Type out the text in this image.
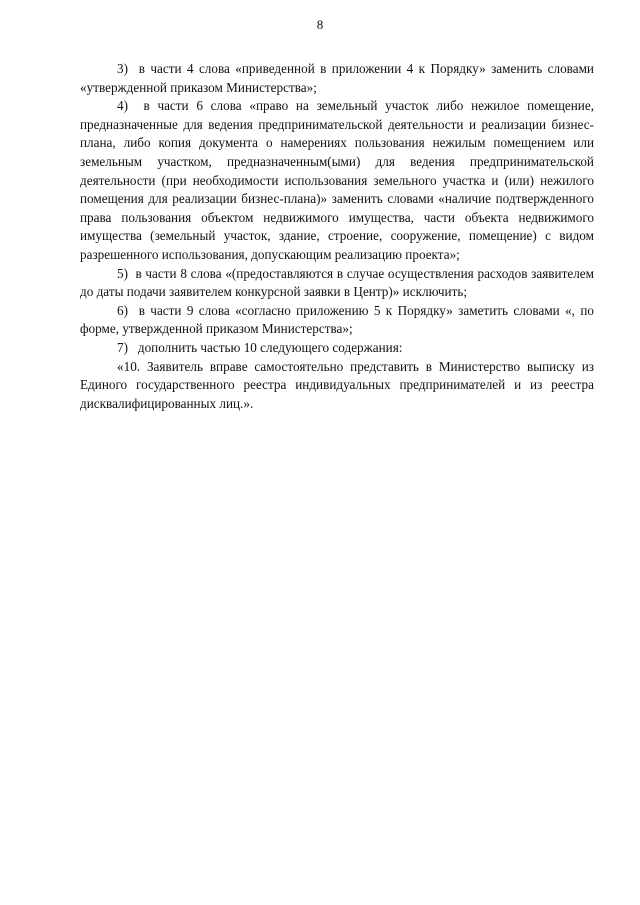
8

3)  в части 4 слова «приведенной в приложении 4 к Порядку» заменить словами «утвержденной приказом Министерства»;

4)  в части 6 слова «право на земельный участок либо нежилое помещение, предназначенные для ведения предпринимательской деятельности и реализации бизнес-плана, либо копия документа о намерениях пользования нежилым помещением или земельным участком, предназначенным(ыми) для ведения предпринимательской деятельности (при необходимости использования земельного участка и (или) нежилого помещения для реализации бизнес-плана)» заменить словами «наличие подтвержденного права пользования объектом недвижимого имущества, части объекта недвижимого имущества (земельный участок, здание, строение, сооружение, помещение) с видом разрешенного использования, допускающим реализацию проекта»;

5)  в части 8 слова «(предоставляются в случае осуществления расходов заявителем до даты подачи заявителем конкурсной заявки в Центр)» исключить;

6)  в части 9 слова «согласно приложению 5 к Порядку» заметить словами «, по форме, утвержденной приказом Министерства»;

7)   дополнить частью 10 следующего содержания:

«10. Заявитель вправе самостоятельно представить в Министерство выписку из Единого государственного реестра индивидуальных предпринимателей и из реестра дисквалифицированных лиц.».
